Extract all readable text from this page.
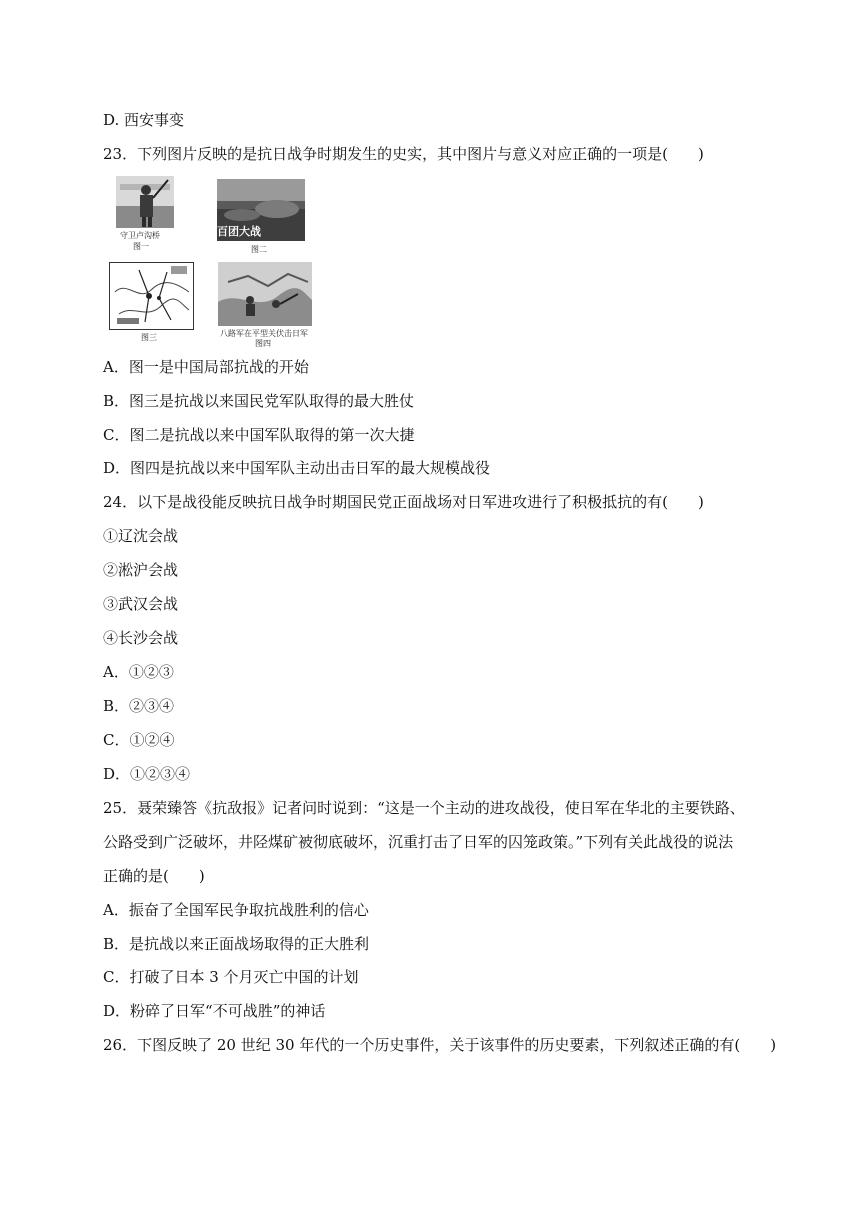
D. 西安事变
23．下列图片反映的是抗日战争时期发生的史实，其中图片与意义对应正确的一项是(　　)
守卫卢沟桥
图一
百团大战
图二
图三	八路军在平型关伏击日军
图四
A．图一是中国局部抗战的开始
B．图三是抗战以来国民党军队取得的最大胜仗
C．图二是抗战以来中国军队取得的第一次大捷
D．图四是抗战以来中国军队主动出击日军的最大规模战役
24．以下是战役能反映抗日战争时期国民党正面战场对日军进攻进行了积极抵抗的有(　　)
①辽沈会战
②淞沪会战
③武汉会战
④长沙会战
A．①②③
B．②③④
C．①②④
D．①②③④
25．聂荣臻答《抗敌报》记者问时说到：“这是一个主动的进攻战役，使日军在华北的主要铁路、
公路受到广泛破坏，井陉煤矿被彻底破坏，沉重打击了日军的囚笼政策。”下列有关此战役的说法
正确的是(　　)
A．振奋了全国军民争取抗战胜利的信心
B．是抗战以来正面战场取得的正大胜利
C．打破了日本 3 个月灭亡中国的计划
D．粉碎了日军“不可战胜”的神话
26．下图反映了 20 世纪 30 年代的一个历史事件，关于该事件的历史要素，下列叙述正确的有(　　)
